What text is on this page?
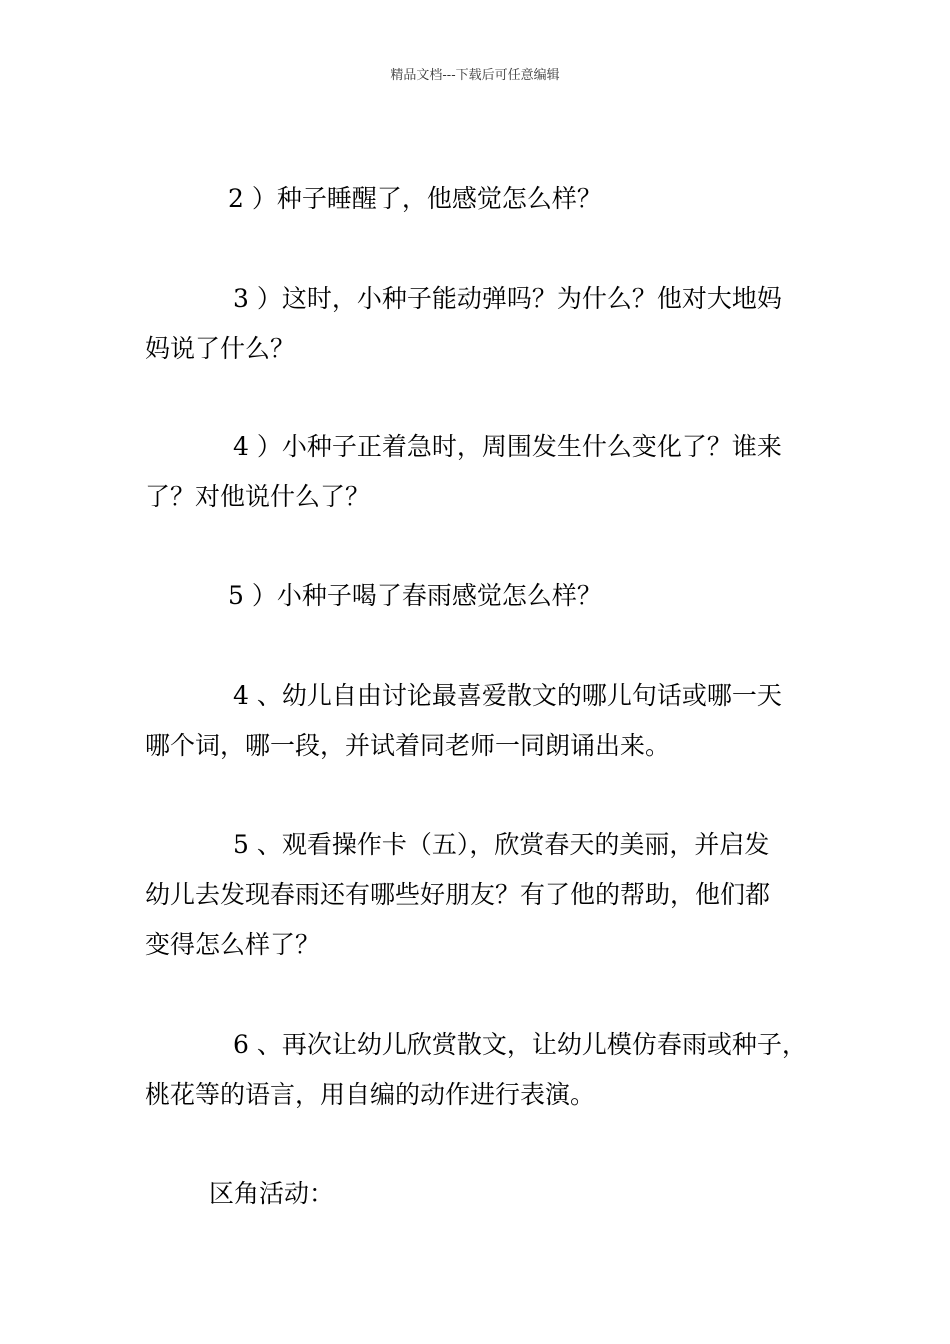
精品文档---下载后可任意编辑
2 ）种子睡醒了，他感觉怎么样？
3 ）这时，小种子能动弹吗？为什么？他对大地妈
妈说了什么？
4 ）小种子正着急时，周围发生什么变化了？谁来
了？对他说什么了？
5 ）小种子喝了春雨感觉怎么样？
4 、幼儿自由讨论最喜爱散文的哪儿句话或哪一天
哪个词，哪一段，并试着同老师一同朗诵出来。
5 、观看操作卡（五），欣赏春天的美丽，并启发
幼儿去发现春雨还有哪些好朋友？有了他的帮助，他们都
变得怎么样了？
6 、再次让幼儿欣赏散文，让幼儿模仿春雨或种子，
桃花等的语言，用自编的动作进行表演。
区角活动：
